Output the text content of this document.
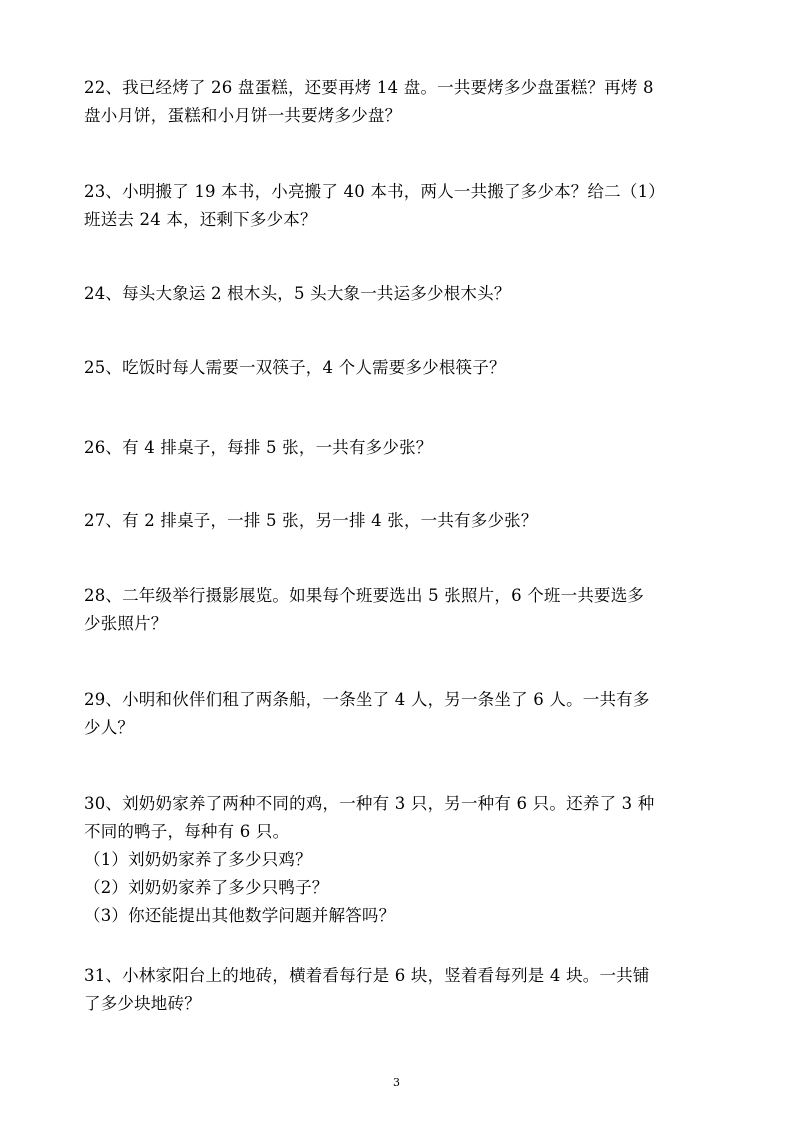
22、我已经烤了 26 盘蛋糕，还要再烤 14 盘。一共要烤多少盘蛋糕？再烤 8
盘小月饼，蛋糕和小月饼一共要烤多少盘？
23、小明搬了 19 本书，小亮搬了 40 本书，两人一共搬了多少本？给二（1）
班送去 24 本，还剩下多少本？
24、每头大象运 2 根木头，5 头大象一共运多少根木头？
25、吃饭时每人需要一双筷子，4 个人需要多少根筷子？
26、有 4 排桌子，每排 5 张，一共有多少张？
27、有 2 排桌子，一排 5 张，另一排 4 张，一共有多少张？
28、二年级举行摄影展览。如果每个班要选出 5 张照片，6 个班一共要选多
少张照片？
29、小明和伙伴们租了两条船，一条坐了 4 人，另一条坐了 6 人。一共有多
少人？
30、刘奶奶家养了两种不同的鸡，一种有 3 只，另一种有 6 只。还养了 3 种
不同的鸭子，每种有 6 只。
（1）刘奶奶家养了多少只鸡？
（2）刘奶奶家养了多少只鸭子？
（3）你还能提出其他数学问题并解答吗？
31、小林家阳台上的地砖，横着看每行是 6 块，竖着看每列是 4 块。一共铺
了多少块地砖？
3
